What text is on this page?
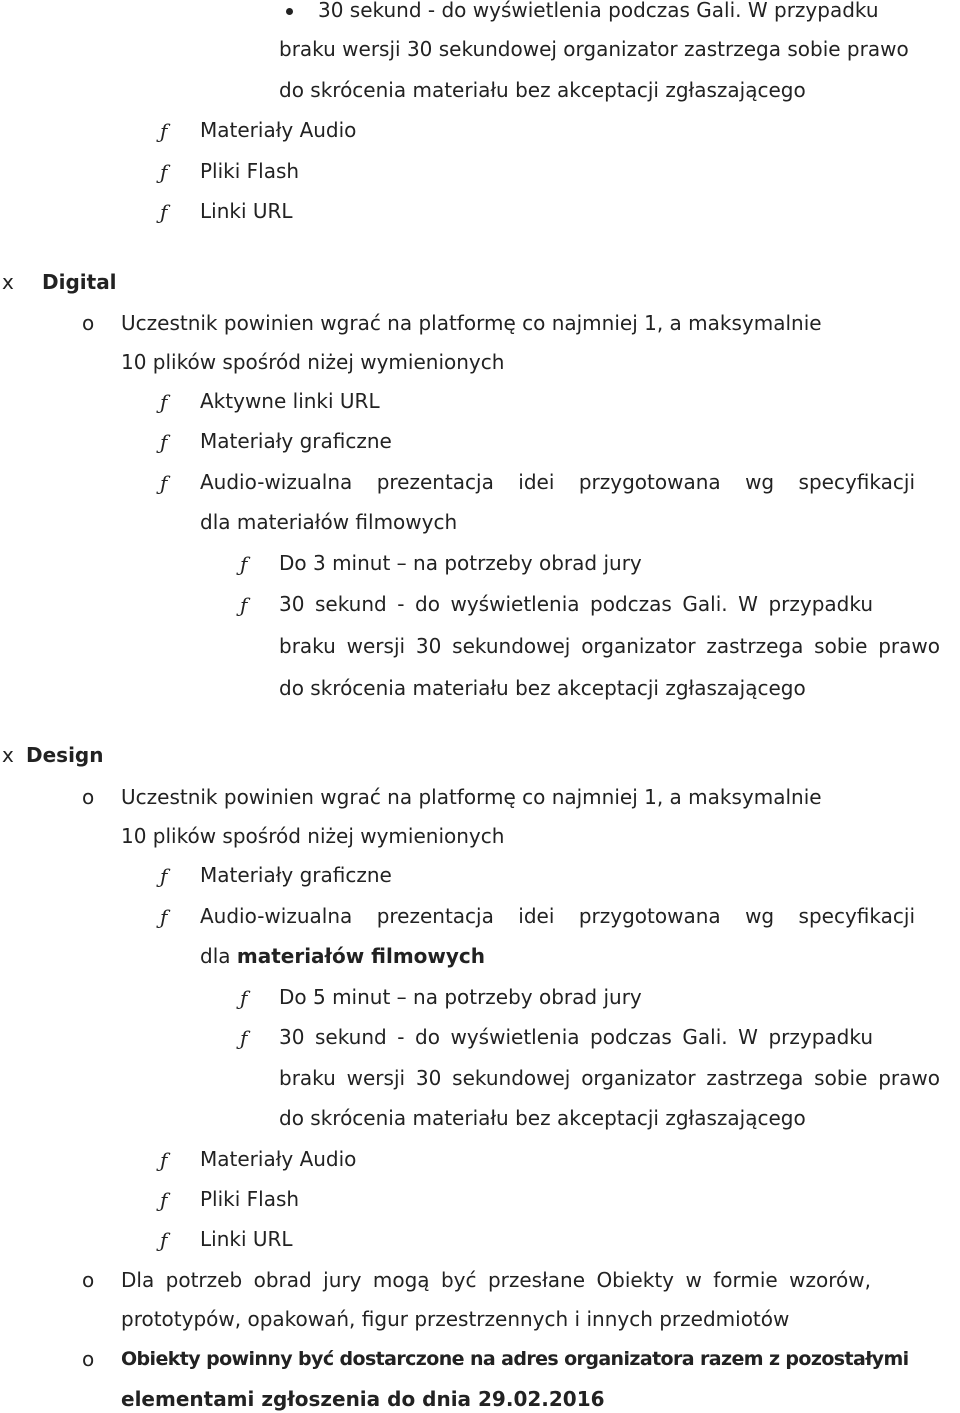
30 sekund - do wyświetlenia podczas Gali. W przypadku
braku wersji 30 sekundowej organizator zastrzega sobie prawo
do skrócenia materiału bez akceptacji zgłaszającego
ƒ Materiały Audio
ƒ Pliki Flash
ƒ Linki URL
x Digital
o Uczestnik powinien wgrać na platformę co najmniej 1, a maksymalnie
10 plików spośród niżej wymienionych
ƒ Aktywne linki URL
ƒ Materiały graficzne
ƒ Audio-wizualna prezentacja idei przygotowana wg specyfikacji
dla materiałów filmowych
ƒ Do 3 minut – na potrzeby obrad jury
ƒ 30 sekund - do wyświetlenia podczas Gali. W przypadku
braku wersji 30 sekundowej organizator zastrzega sobie prawo
do skrócenia materiału bez akceptacji zgłaszającego
x Design
o Uczestnik powinien wgrać na platformę co najmniej 1, a maksymalnie
10 plików spośród niżej wymienionych
ƒ Materiały graficzne
ƒ Audio-wizualna prezentacja idei przygotowana wg specyfikacji
dla materiałów filmowych
ƒ Do 5 minut – na potrzeby obrad jury
ƒ 30 sekund - do wyświetlenia podczas Gali. W przypadku
braku wersji 30 sekundowej organizator zastrzega sobie prawo
do skrócenia materiału bez akceptacji zgłaszającego
ƒ Materiały Audio
ƒ Pliki Flash
ƒ Linki URL
o Dla potrzeb obrad jury mogą być przesłane Obiekty w formie wzorów,
prototypów, opakowań, figur przestrzennych i innych przedmiotów
o Obiekty powinny być dostarczone na adres organizatora razem z pozostałymi
elementami zgłoszenia do dnia 29.02.2016
